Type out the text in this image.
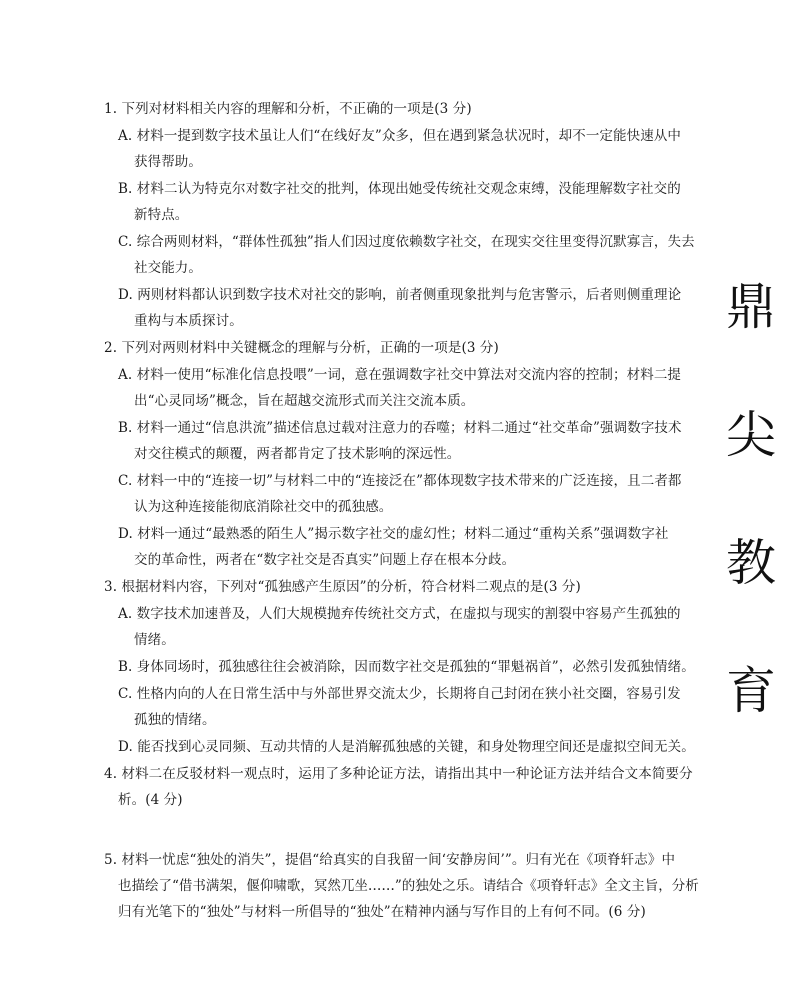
1. 下列对材料相关内容的理解和分析，不正确的一项是(3 分)
A. 材料一提到数字技术虽让人们“在线好友”众多，但在遇到紧急状况时，却不一定能快速从中
获得帮助。
B. 材料二认为特克尔对数字社交的批判，体现出她受传统社交观念束缚，没能理解数字社交的
新特点。
C. 综合两则材料，“群体性孤独”指人们因过度依赖数字社交，在现实交往里变得沉默寡言，失去
社交能力。
D. 两则材料都认识到数字技术对社交的影响，前者侧重现象批判与危害警示，后者则侧重理论
重构与本质探讨。
2. 下列对两则材料中关键概念的理解与分析，正确的一项是(3 分)
A. 材料一使用“标准化信息投喂”一词，意在强调数字社交中算法对交流内容的控制；材料二提
出“心灵同场”概念，旨在超越交流形式而关注交流本质。
B. 材料一通过“信息洪流”描述信息过载对注意力的吞噬；材料二通过“社交革命”强调数字技术
对交往模式的颠覆，两者都肯定了技术影响的深远性。
C. 材料一中的“连接一切”与材料二中的“连接泛在”都体现数字技术带来的广泛连接，且二者都
认为这种连接能彻底消除社交中的孤独感。
D. 材料一通过“最熟悉的陌生人”揭示数字社交的虚幻性；材料二通过“重构关系”强调数字社
交的革命性，两者在“数字社交是否真实”问题上存在根本分歧。
3. 根据材料内容，下列对“孤独感产生原因”的分析，符合材料二观点的是(3 分)
A. 数字技术加速普及，人们大规模抛弃传统社交方式，在虚拟与现实的割裂中容易产生孤独的
情绪。
B. 身体同场时，孤独感往往会被消除，因而数字社交是孤独的“罪魁祸首”，必然引发孤独情绪。
C. 性格内向的人在日常生活中与外部世界交流太少，长期将自己封闭在狭小社交圈，容易引发
孤独的情绪。
D. 能否找到心灵同频、互动共情的人是消解孤独感的关键，和身处物理空间还是虚拟空间无关。
4. 材料二在反驳材料一观点时，运用了多种论证方法，请指出其中一种论证方法并结合文本简要分
析。(4 分)
5. 材料一忧虑“独处的消失”，提倡“给真实的自我留一间‘安静房间’”。归有光在《项脊轩志》中
也描绘了“借书满架，偃仰啸歌，冥然兀坐……”的独处之乐。请结合《项脊轩志》全文主旨，分析
归有光笔下的“独处”与材料一所倡导的“独处”在精神内涵与写作目的上有何不同。(6 分)
鼎
尖
教
育
